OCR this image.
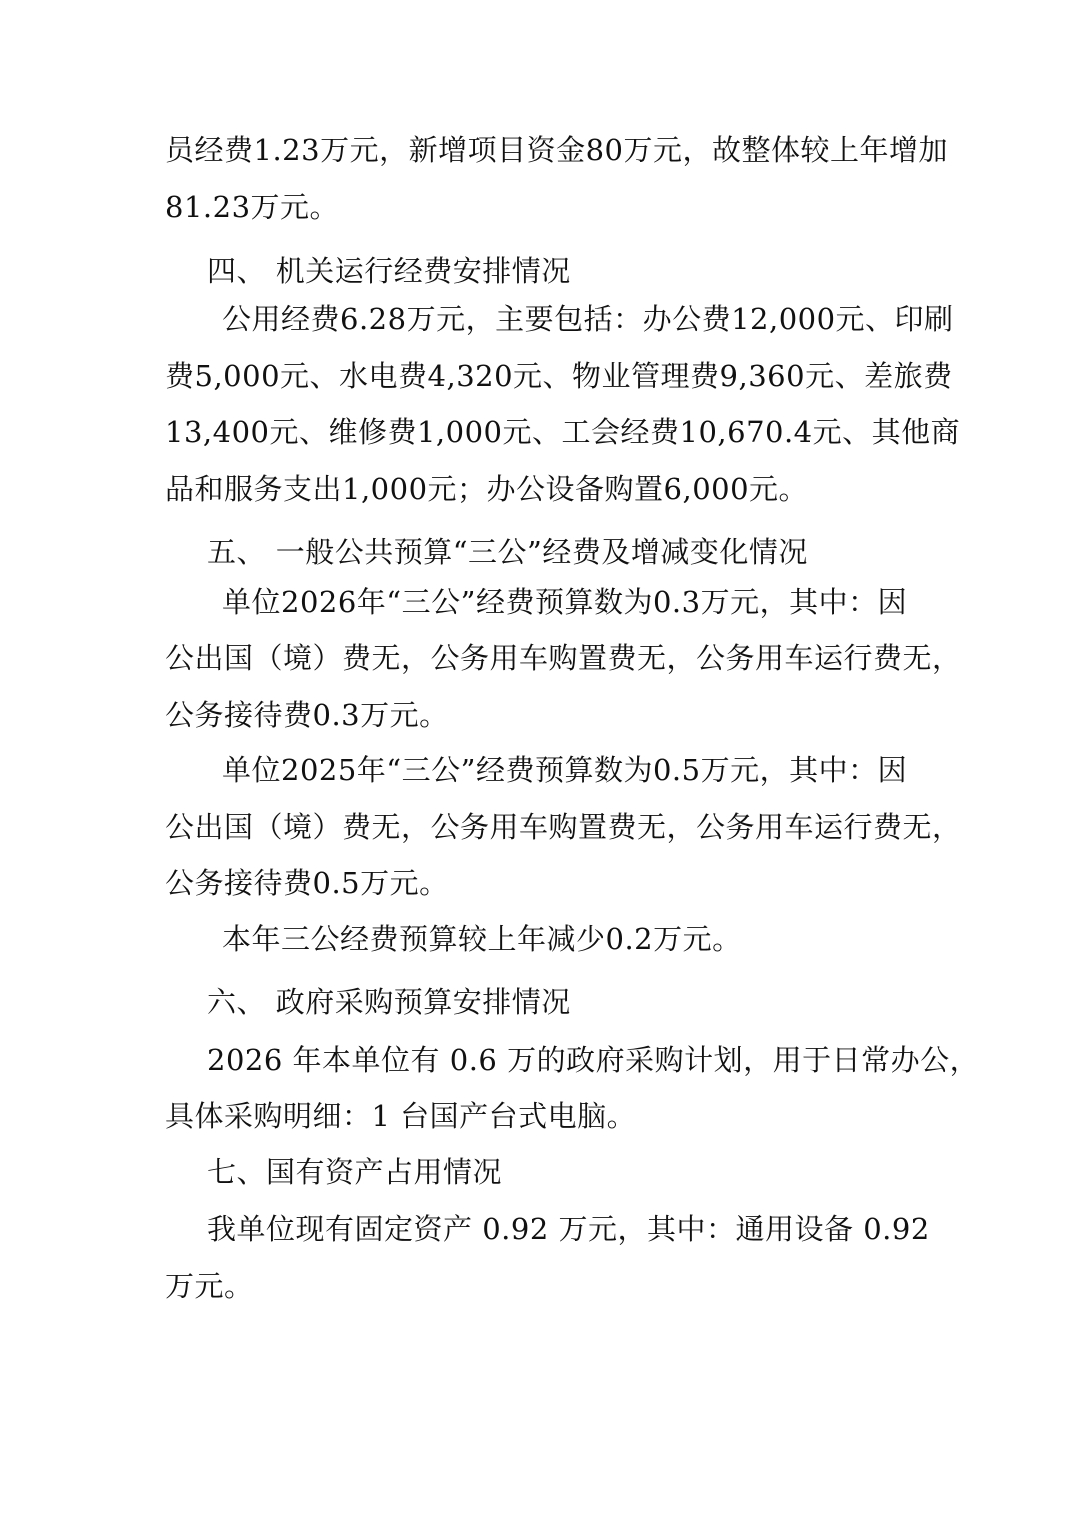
员经费1.23万元，新增项目资金80万元，故整体较上年增加
81.23万元。
四、 机关运行经费安排情况
公用经费6.28万元，主要包括：办公费12,000元、印刷
费5,000元、水电费4,320元、物业管理费9,360元、差旅费
13,400元、维修费1,000元、工会经费10,670.4元、其他商
品和服务支出1,000元；办公设备购置6,000元。
五、 一般公共预算“三公”经费及增减变化情况
单位2026年“三公”经费预算数为0.3万元，其中：因
公出国（境）费无，公务用车购置费无，公务用车运行费无，
公务接待费0.3万元。
单位2025年“三公”经费预算数为0.5万元，其中：因
公出国（境）费无，公务用车购置费无，公务用车运行费无，
公务接待费0.5万元。
本年三公经费预算较上年减少0.2万元。
六、 政府采购预算安排情况
2026 年本单位有 0.6 万的政府采购计划，用于日常办公，
具体采购明细：1 台国产台式电脑。
七、国有资产占用情况
我单位现有固定资产 0.92 万元，其中：通用设备 0.92
万元。
